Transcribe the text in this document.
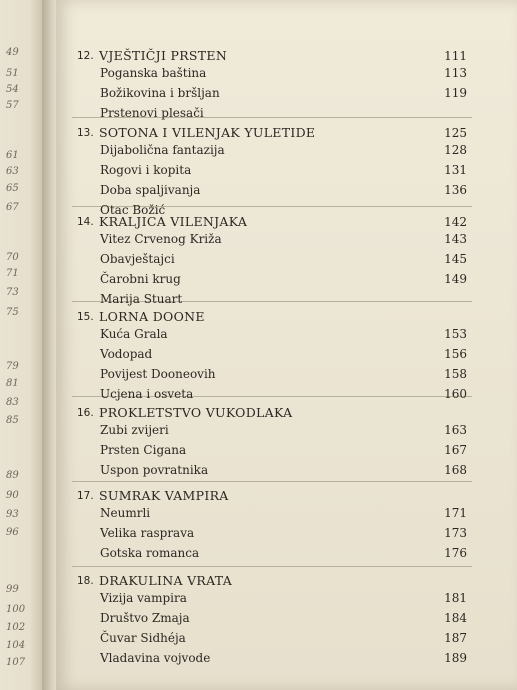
49
51
54
57
61
63
65
67
70
71
73
75
79
81
83
85
89
90
93
96
99
100
102
104
107
12. VJEŠTIČJI PRSTEN	111
Poganska baština	113
Božikovina i bršljan	119
Prstenovi plesači
13. SOTONA I VILENJAK YULETIDE	125
Dijabolična fantazija	128
Rogovi i kopita	131
Doba spaljivanja	136
Otac Božić
14. KRALJICA VILENJAKA	142
Vitez Crvenog Križa	143
Obavještajci	145
Čarobni krug	149
Marija Stuart
15. LORNA DOONE
Kuća Grala	153
Vodopad	156
Povijest Dooneovih	158
Ucjena i osveta	160
16. PROKLETSTVO VUKODLAKA
Zubi zvijeri	163
Prsten Cigana	167
Uspon povratnika	168
17. SUMRAK VAMPIRA
Neumrli	171
Velika rasprava	173
Gotska romanca	176
18. DRAKULINA VRATA
Vizija vampira	181
Društvo Zmaja	184
Čuvar Sidhéja	187
Vladavina vojvode	189
